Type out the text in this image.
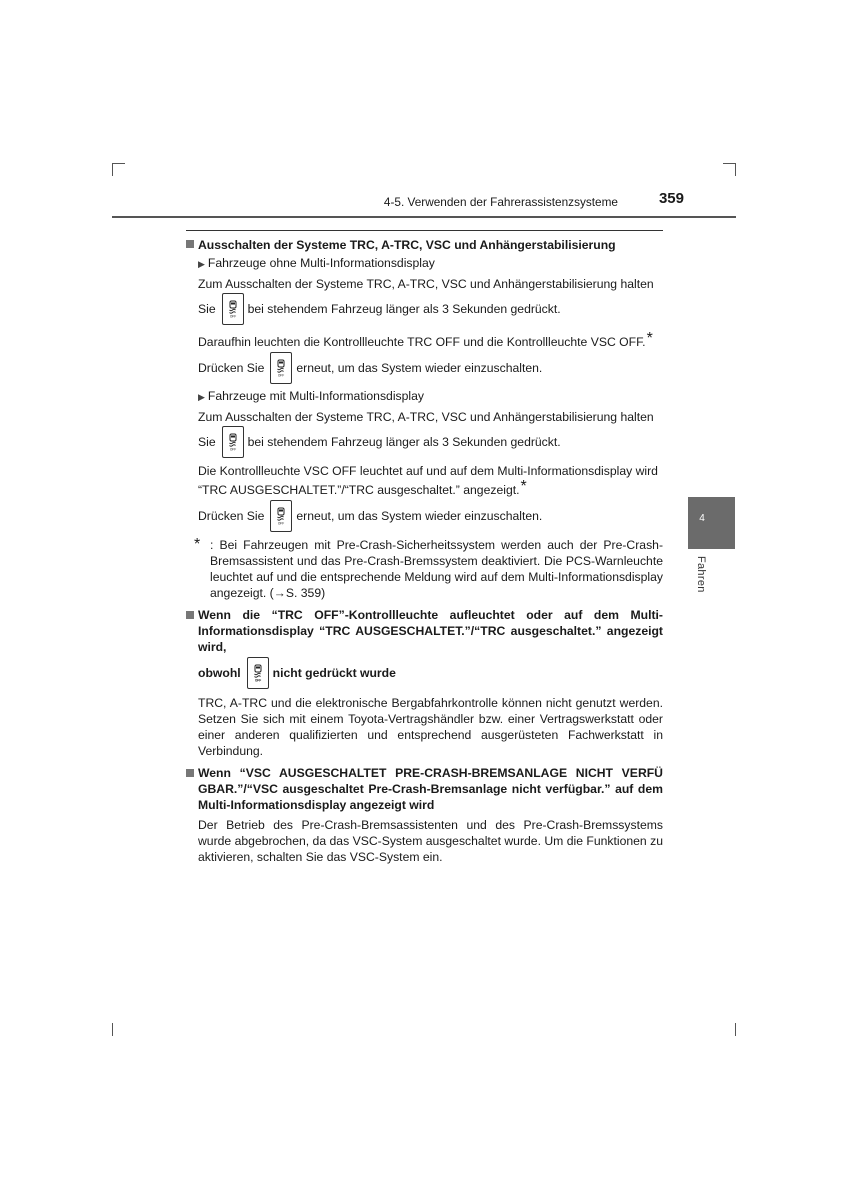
4-5. Verwenden der Fahrerassistenzsysteme	359
4
Fahren

Ausschalten der Systeme TRC, A-TRC, VSC und Anhängerstabilisierung

▶ Fahrzeuge ohne Multi-Informationsdisplay

Zum Ausschalten der Systeme TRC, A-TRC, VSC und Anhängerstabilisierung halten

Sie	bei stehendem Fahrzeug länger als 3 Sekunden gedrückt.

Daraufhin leuchten die Kontrollleuchte TRC OFF und die Kontrollleuchte VSC OFF.*

Drücken Sie	erneut, um das System wieder einzuschalten.

▶ Fahrzeuge mit Multi-Informationsdisplay

Zum Ausschalten der Systeme TRC, A-TRC, VSC und Anhängerstabilisierung halten

Sie	bei stehendem Fahrzeug länger als 3 Sekunden gedrückt.

Die Kontrollleuchte VSC OFF leuchtet auf und auf dem Multi-Informationsdisplay wird
“TRC AUSGESCHALTET.”/“TRC ausgeschaltet.” angezeigt.*

Drücken Sie	erneut, um das System wieder einzuschalten.
* : Bei Fahrzeugen mit Pre-Crash-Sicherheitssystem werden auch der Pre-Crash-Bremsassistent und das Pre-Crash-Bremssystem deaktiviert. Die PCS-Warnleuchte leuchtet auf und die entsprechende Meldung wird auf dem Multi-Informationsdisplay angezeigt. (→S. 359)
Wenn die “TRC OFF”-Kontrollleuchte aufleuchtet oder auf dem Multi-Informationsdisplay “TRC AUSGESCHALTET.”/“TRC ausgeschaltet.” angezeigt wird,
obwohl	nicht gedrückt wurde

TRC, A-TRC und die elektronische Bergabfahrkontrolle können nicht genutzt werden. Setzen Sie sich mit einem Toyota-Vertragshändler bzw. einer Vertragswerkstatt oder einer anderen qualifizierten und entsprechend ausgerüsteten Fachwerkstatt in Verbindung.

Wenn “VSC AUSGESCHALTET PRE-CRASH-BREMSANLAGE NICHT VERFÜ GBAR.”/“VSC ausgeschaltet Pre-Crash-Bremsanlage nicht verfügbar.” auf dem Multi-Informationsdisplay angezeigt wird

Der Betrieb des Pre-Crash-Bremsassistenten und des Pre-Crash-Bremssystems wurde abgebrochen, da das VSC-System ausgeschaltet wurde. Um die Funktionen zu aktivieren, schalten Sie das VSC-System ein.
